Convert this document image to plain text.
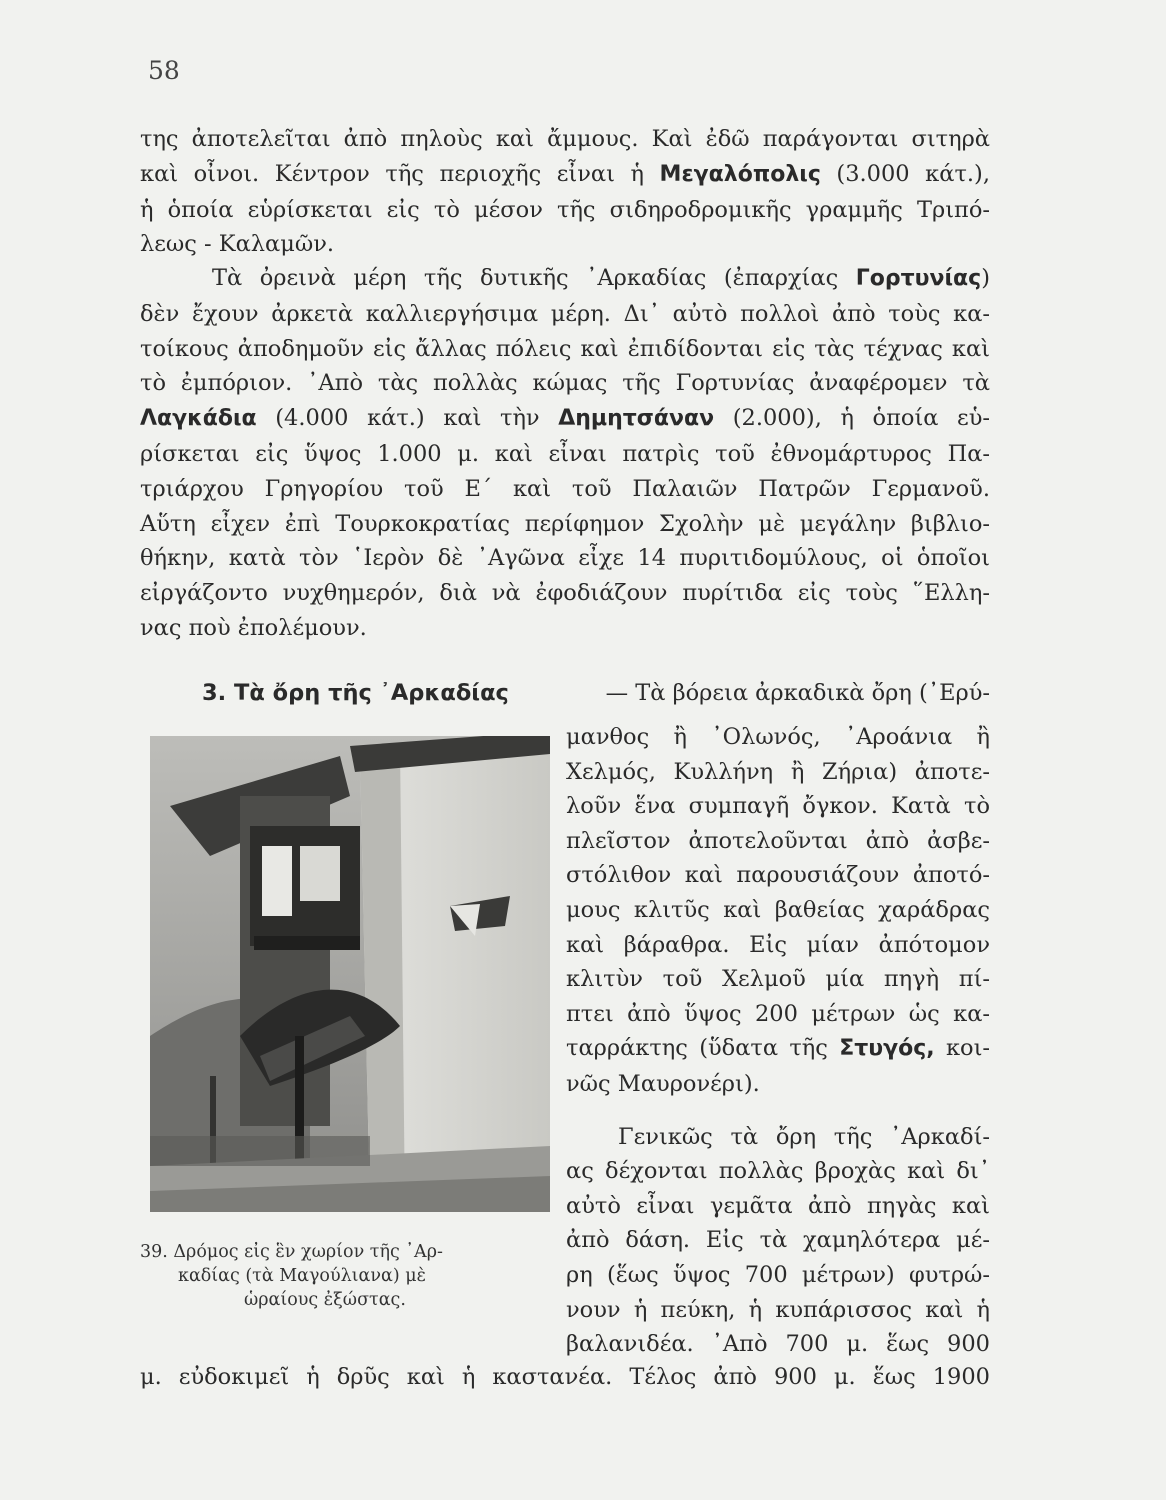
58
της ἀποτελεῖται ἀπὸ πηλοὺς καὶ ἄμμους. Καὶ ἐδῶ παράγονται σιτηρὰ
καὶ οἶνοι. Κέντρον τῆς περιοχῆς εἶναι ἡ Μεγαλόπολις (3.000 κάτ.),
ἡ ὁποία εὑρίσκεται εἰς τὸ μέσον τῆς σιδηροδρομικῆς γραμμῆς Τριπό-
λεως - Καλαμῶν.
Τὰ ὀρεινὰ μέρη τῆς δυτικῆς ᾿Αρκαδίας (ἐπαρχίας Γορτυνίας)
δὲν ἔχουν ἀρκετὰ καλλιεργήσιμα μέρη. Δι᾿ αὐτὸ πολλοὶ ἀπὸ τοὺς κα-
τοίκους ἀποδημοῦν εἰς ἄλλας πόλεις καὶ ἐπιδίδονται εἰς τὰς τέχνας καὶ
τὸ ἐμπόριον. ᾿Απὸ τὰς πολλὰς κώμας τῆς Γορτυνίας ἀναφέρομεν τὰ
Λαγκάδια (4.000 κάτ.) καὶ τὴν Δημητσάναν (2.000), ἡ ὁποία εὑ-
ρίσκεται εἰς ὕψος 1.000 μ. καὶ εἶναι πατρὶς τοῦ ἐθνομάρτυρος Πα-
τριάρχου Γρηγορίου τοῦ Ε΄ καὶ τοῦ Παλαιῶν Πατρῶν Γερμανοῦ.
Αὕτη εἶχεν ἐπὶ Τουρκοκρατίας περίφημον Σχολὴν μὲ μεγάλην βιβλιο-
θήκην, κατὰ τὸν ῾Ιερὸν δὲ ᾿Αγῶνα εἶχε 14 πυριτιδομύλους, οἱ ὁποῖοι
εἰργάζοντο νυχθημερόν, διὰ νὰ ἐφοδιάζουν πυρίτιδα εἰς τοὺς ῞Ελλη-
νας ποὺ ἐπολέμουν.
3. Τὰ ὄρη τῆς ᾿Αρκαδίας	— Τὰ βόρεια ἀρκαδικὰ ὄρη (᾿Ερύ-
μανθος ἢ ᾿Ολωνός, ᾿Αροάνια ἢ
Χελμός, Κυλλήνη ἢ Ζήρια) ἀποτε-
λοῦν ἕνα συμπαγῆ ὄγκον. Κατὰ τὸ
πλεῖστον ἀποτελοῦνται ἀπὸ ἀσβε-
στόλιθον καὶ παρουσιάζουν ἀποτό-
μους κλιτῦς καὶ βαθείας χαράδρας
καὶ βάραθρα. Εἰς μίαν ἀπότομον
κλιτὺν τοῦ Χελμοῦ μία πηγὴ πί-
πτει ἀπὸ ὕψος 200 μέτρων ὡς κα-
ταρράκτης (ὕδατα τῆς Στυγός, κοι-
νῶς Μαυρονέρι).
Γενικῶς τὰ ὄρη τῆς ᾿Αρκαδί-
ας δέχονται πολλὰς βροχὰς καὶ δι᾿
αὐτὸ εἶναι γεμᾶτα ἀπὸ πηγὰς καὶ
ἀπὸ δάση. Εἰς τὰ χαμηλότερα μέ-
ρη (ἕως ὕψος 700 μέτρων) φυτρώ-
νουν ἡ πεύκη, ἡ κυπάρισσος καὶ ἡ
βαλανιδέα. ᾿Απὸ 700 μ. ἕως 900
39. Δρόμος εἰς ἓν χωρίον τῆς ᾿Αρ-
καδίας (τὰ Μαγούλιανα) μὲ
ὡραίους ἐξώστας.
μ. εὐδοκιμεῖ ἡ δρῦς καὶ ἡ καστανέα. Τέλος ἀπὸ 900 μ. ἕως 1900
